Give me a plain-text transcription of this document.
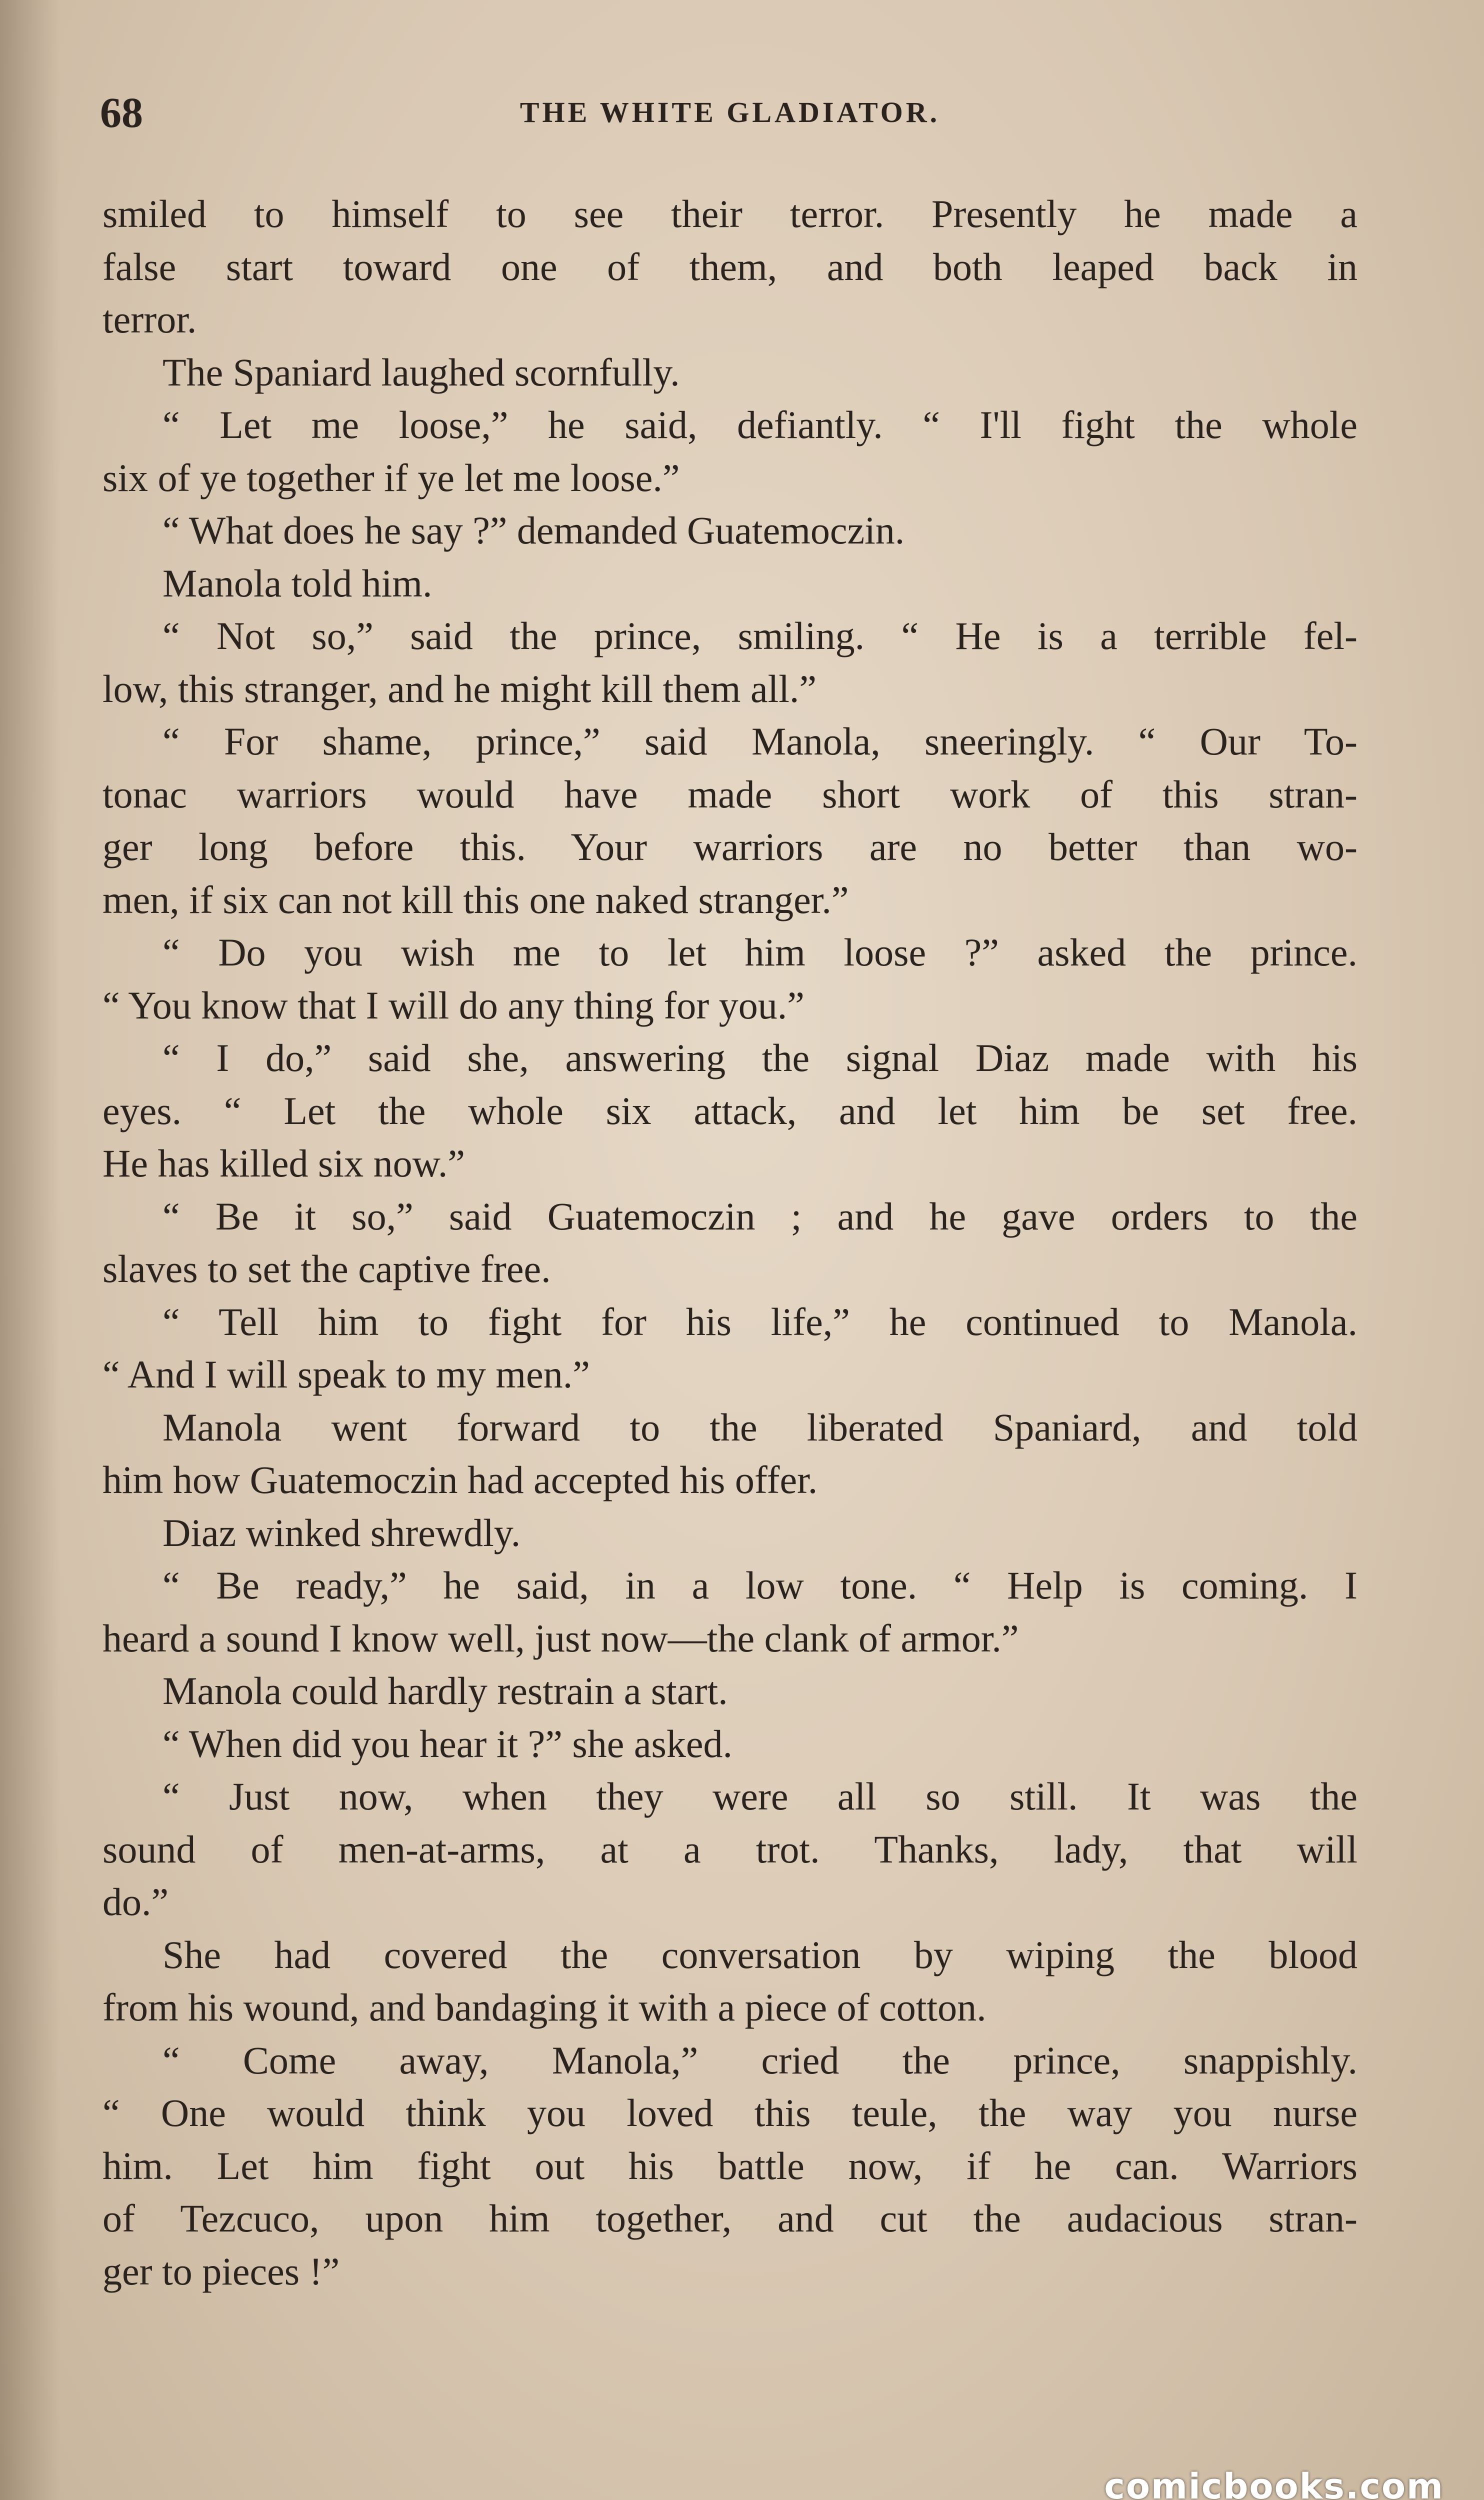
68	THE WHITE GLADIATOR.
smiled to himself to see their terror. Presently he made a
false start toward one of them, and both leaped back in
terror.
The Spaniard laughed scornfully.
“ Let me loose,” he said, defiantly. “ I'll fight the whole
six of ye together if ye let me loose.”
“ What does he say ?” demanded Guatemoczin.
Manola told him.
“ Not so,” said the prince, smiling. “ He is a terrible fel-
low, this stranger, and he might kill them all.”
“ For shame, prince,” said Manola, sneeringly. “ Our To-
tonac warriors would have made short work of this stran-
ger long before this. Your warriors are no better than wo-
men, if six can not kill this one naked stranger.”
“ Do you wish me to let him loose ?” asked the prince.
“ You know that I will do any thing for you.”
“ I do,” said she, answering the signal Diaz made with his
eyes. “ Let the whole six attack, and let him be set free.
He has killed six now.”
“ Be it so,” said Guatemoczin ; and he gave orders to the
slaves to set the captive free.
“ Tell him to fight for his life,” he continued to Manola.
“ And I will speak to my men.”
Manola went forward to the liberated Spaniard, and told
him how Guatemoczin had accepted his offer.
Diaz winked shrewdly.
“ Be ready,” he said, in a low tone. “ Help is coming. I
heard a sound I know well, just now—the clank of armor.”
Manola could hardly restrain a start.
“ When did you hear it ?” she asked.
“ Just now, when they were all so still. It was the
sound of men-at-arms, at a trot. Thanks, lady, that will
do.”
She had covered the conversation by wiping the blood
from his wound, and bandaging it with a piece of cotton.
“ Come away, Manola,” cried the prince, snappishly.
“ One would think you loved this teule, the way you nurse
him. Let him fight out his battle now, if he can. Warriors
of Tezcuco, upon him together, and cut the audacious stran-
ger to pieces !”
comicbooks.com
